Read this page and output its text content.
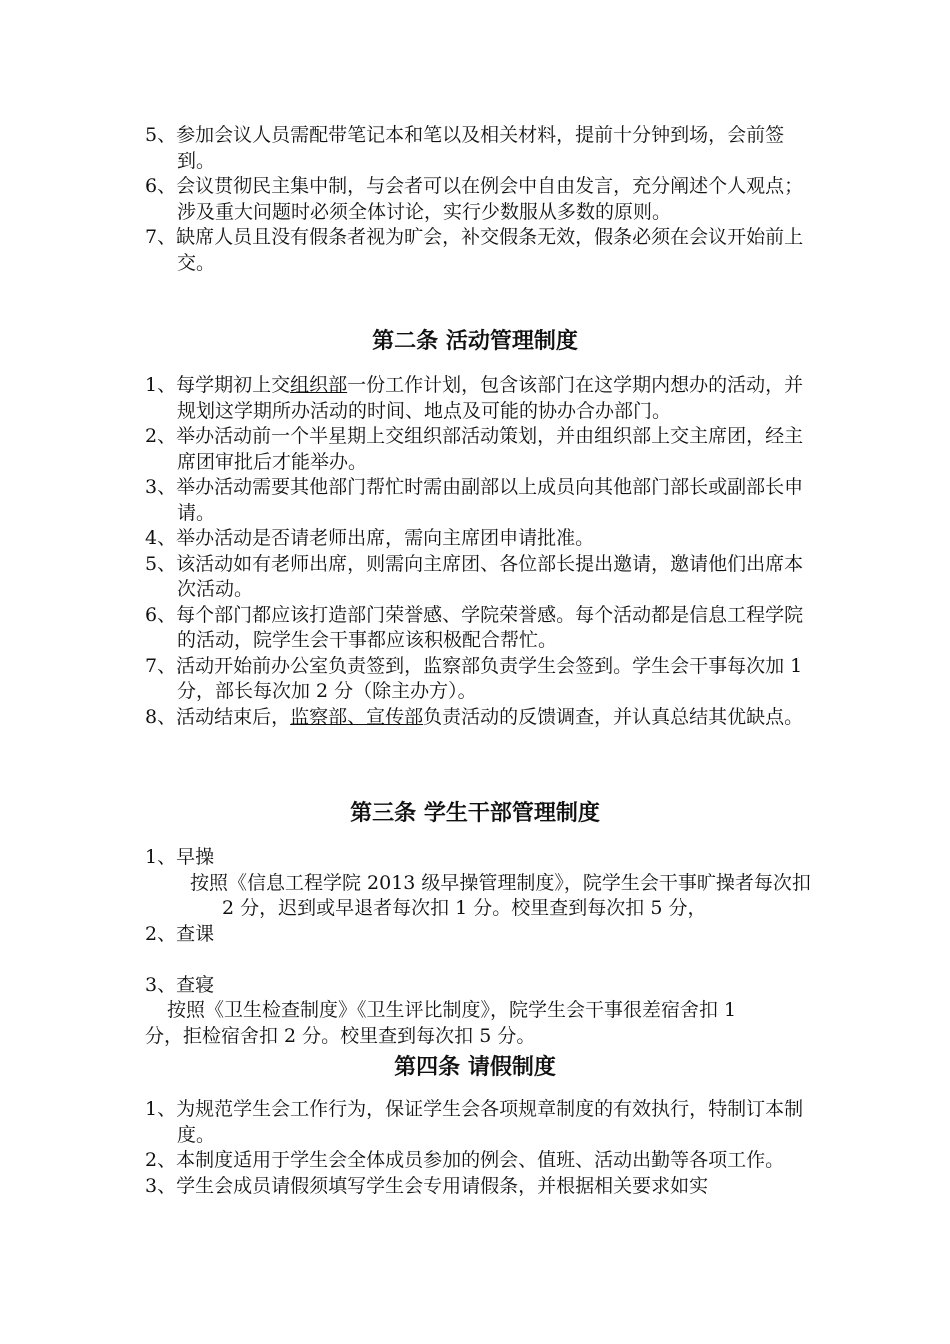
5、参加会议人员需配带笔记本和笔以及相关材料，提前十分钟到场，会前签到。

6、会议贯彻民主集中制，与会者可以在例会中自由发言，充分阐述个人观点；涉及重大问题时必须全体讨论，实行少数服从多数的原则。

7、缺席人员且没有假条者视为旷会，补交假条无效，假条必须在会议开始前上交。

第二条 活动管理制度

1、每学期初上交组织部一份工作计划，包含该部门在这学期内想办的活动，并规划这学期所办活动的时间、地点及可能的协办合办部门。

2、举办活动前一个半星期上交组织部活动策划，并由组织部上交主席团，经主席团审批后才能举办。

3、举办活动需要其他部门帮忙时需由副部以上成员向其他部门部长或副部长申请。

4、举办活动是否请老师出席，需向主席团申请批准。

5、该活动如有老师出席，则需向主席团、各位部长提出邀请，邀请他们出席本次活动。

6、每个部门都应该打造部门荣誉感、学院荣誉感。每个活动都是信息工程学院的活动，院学生会干事都应该积极配合帮忙。

7、活动开始前办公室负责签到，监察部负责学生会签到。学生会干事每次加 1 分，部长每次加 2 分（除主办方）。

8、活动结束后，监察部、宣传部负责活动的反馈调查，并认真总结其优缺点。

第三条 学生干部管理制度

1、早操

按照《信息工程学院 2013 级早操管理制度》，院学生会干事旷操者每次扣 2 分，迟到或早退者每次扣 1 分。校里查到每次扣 5 分，

2、查课

3、查寝

按照《卫生检查制度》《卫生评比制度》，院学生会干事很差宿舍扣 1

分，拒检宿舍扣 2 分。校里查到每次扣 5 分。

第四条 请假制度

1、为规范学生会工作行为，保证学生会各项规章制度的有效执行，特制订本制度。

2、本制度适用于学生会全体成员参加的例会、值班、活动出勤等各项工作。

3、学生会成员请假须填写学生会专用请假条，并根据相关要求如实
